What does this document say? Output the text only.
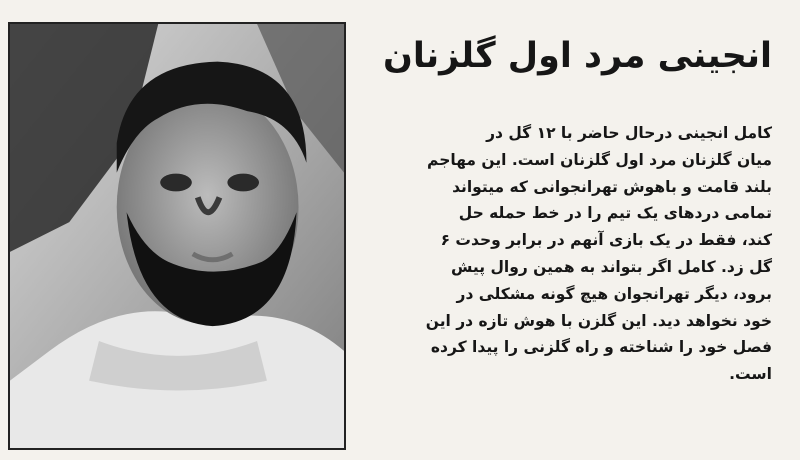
انجینی مرد اول گلزنان
کامل انجینی درحال حاضر با ۱۲ گل در
میان گلزنان مرد اول گلزنان است. این مهاجم
بلند قامت و باهوش تهرانجوانی که میتواند
تمامی دردهای یک تیم را در خط حمله حل
کند، فقط در یک بازی آنهم در برابر وحدت ۶
گل زد. کامل اگر بتواند به همین روال پیش
برود، دیگر تهرانجوان هیچ گونه مشکلی در
خود نخواهد دید. این گلزن با هوش تازه در این
فصل خود را شناخته و راه گلزنی را پیدا کرده
است.
